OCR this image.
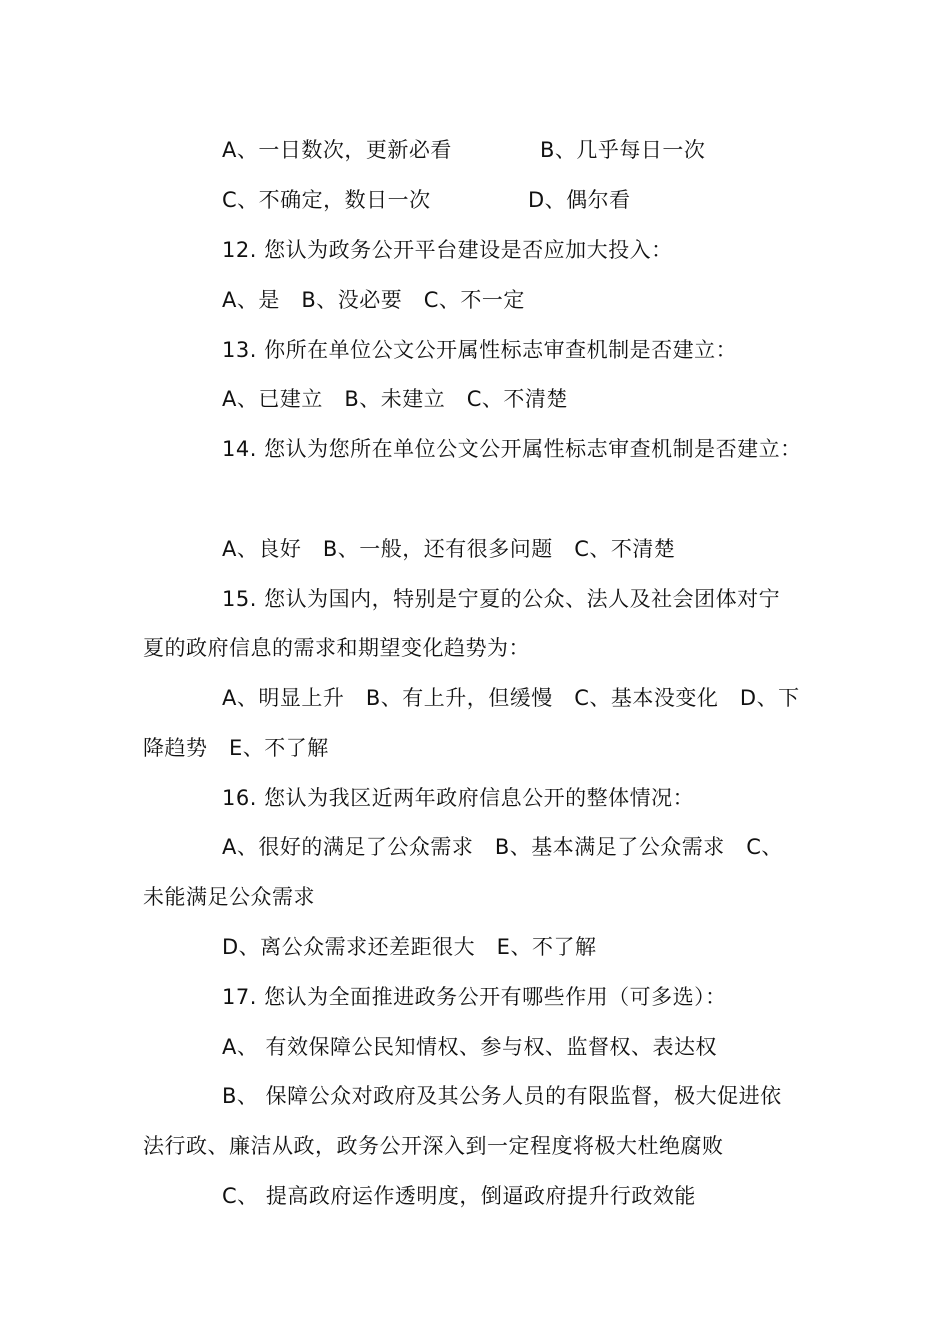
A、一日数次，更新必看	B、几乎每日一次
C、不确定，数日一次	D、偶尔看
12. 您认为政务公开平台建设是否应加大投入：
A、是　B、没必要　C、不一定
13. 你所在单位公文公开属性标志审查机制是否建立：
A、已建立　B、未建立　C、不清楚
14. 您认为您所在单位公文公开属性标志审查机制是否建立：
A、良好　B、一般，还有很多问题　C、不清楚
15. 您认为国内，特别是宁夏的公众、法人及社会团体对宁
夏的政府信息的需求和期望变化趋势为：
A、明显上升　B、有上升，但缓慢　C、基本没变化　D、下
降趋势　E、不了解
16. 您认为我区近两年政府信息公开的整体情况：
A、很好的满足了公众需求　B、基本满足了公众需求　C、
未能满足公众需求
D、离公众需求还差距很大　E、不了解
17. 您认为全面推进政务公开有哪些作用（可多选）：
A、 有效保障公民知情权、参与权、监督权、表达权
B、 保障公众对政府及其公务人员的有限监督，极大促进依
法行政、廉洁从政，政务公开深入到一定程度将极大杜绝腐败
C、 提高政府运作透明度，倒逼政府提升行政效能
